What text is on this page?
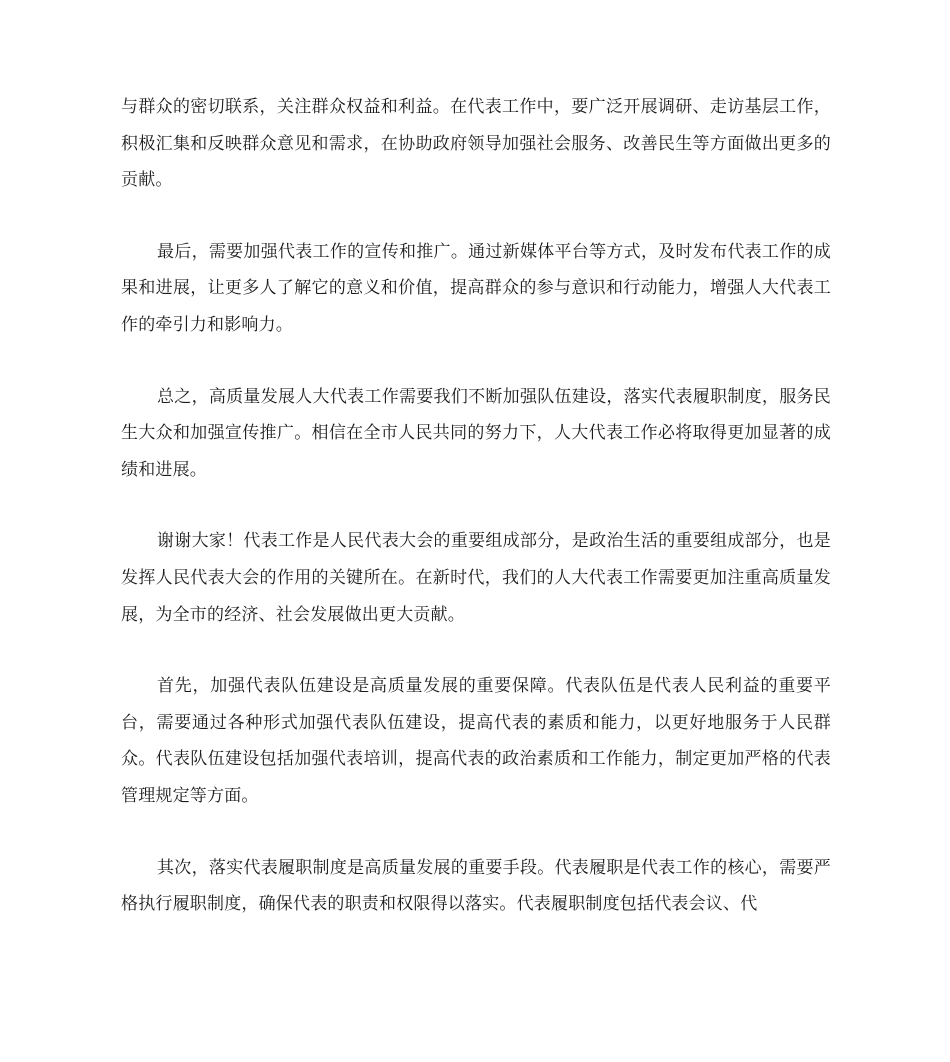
与群众的密切联系，关注群众权益和利益。在代表工作中，要广泛开展调研、走访基层工作，积极汇集和反映群众意见和需求，在协助政府领导加强社会服务、改善民生等方面做出更多的贡献。

最后，需要加强代表工作的宣传和推广。通过新媒体平台等方式，及时发布代表工作的成果和进展，让更多人了解它的意义和价值，提高群众的参与意识和行动能力，增强人大代表工作的牵引力和影响力。

总之，高质量发展人大代表工作需要我们不断加强队伍建设，落实代表履职制度，服务民生大众和加强宣传推广。相信在全市人民共同的努力下，人大代表工作必将取得更加显著的成绩和进展。

谢谢大家！代表工作是人民代表大会的重要组成部分，是政治生活的重要组成部分，也是发挥人民代表大会的作用的关键所在。在新时代，我们的人大代表工作需要更加注重高质量发展，为全市的经济、社会发展做出更大贡献。

首先，加强代表队伍建设是高质量发展的重要保障。代表队伍是代表人民利益的重要平台，需要通过各种形式加强代表队伍建设，提高代表的素质和能力，以更好地服务于人民群众。代表队伍建设包括加强代表培训，提高代表的政治素质和工作能力，制定更加严格的代表管理规定等方面。

其次，落实代表履职制度是高质量发展的重要手段。代表履职是代表工作的核心，需要严格执行履职制度，确保代表的职责和权限得以落实。代表履职制度包括代表会议、代
